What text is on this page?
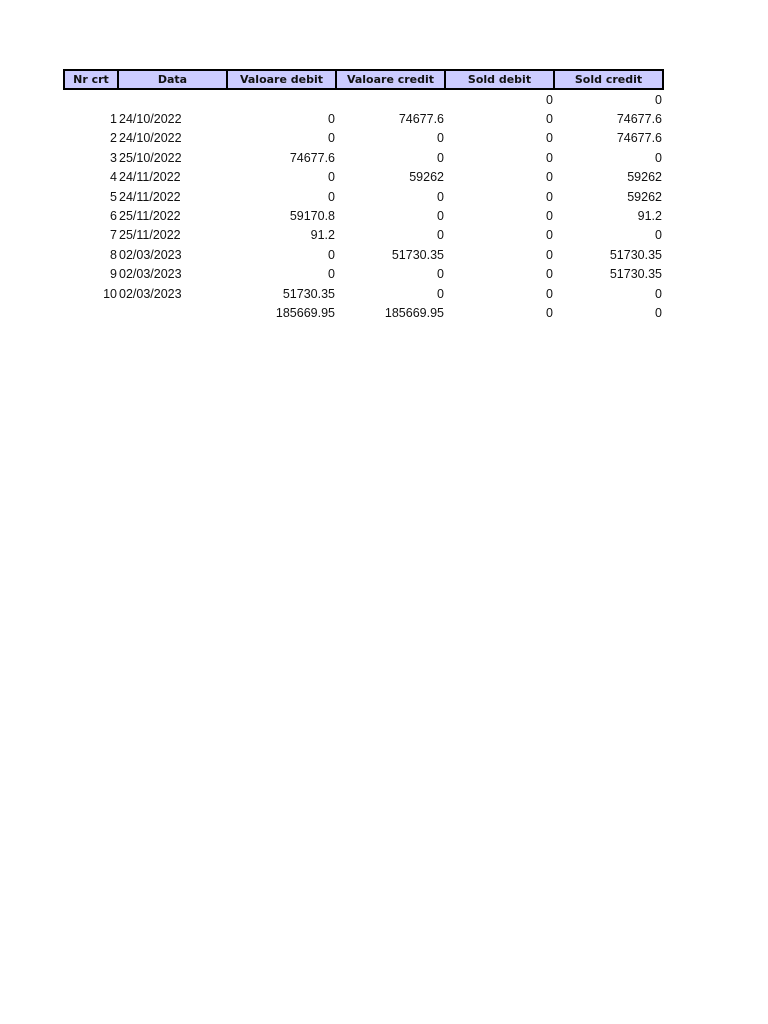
Nr crt	Data	Valoare debit	Valoare credit	Sold debit	Sold credit
				0	0
1	24/10/2022	0	74677.6	0	74677.6
2	24/10/2022	0	0	0	74677.6
3	25/10/2022	74677.6	0	0	0
4	24/11/2022	0	59262	0	59262
5	24/11/2022	0	0	0	59262
6	25/11/2022	59170.8	0	0	91.2
7	25/11/2022	91.2	0	0	0
8	02/03/2023	0	51730.35	0	51730.35
9	02/03/2023	0	0	0	51730.35
10	02/03/2023	51730.35	0	0	0
		185669.95	185669.95	0	0
